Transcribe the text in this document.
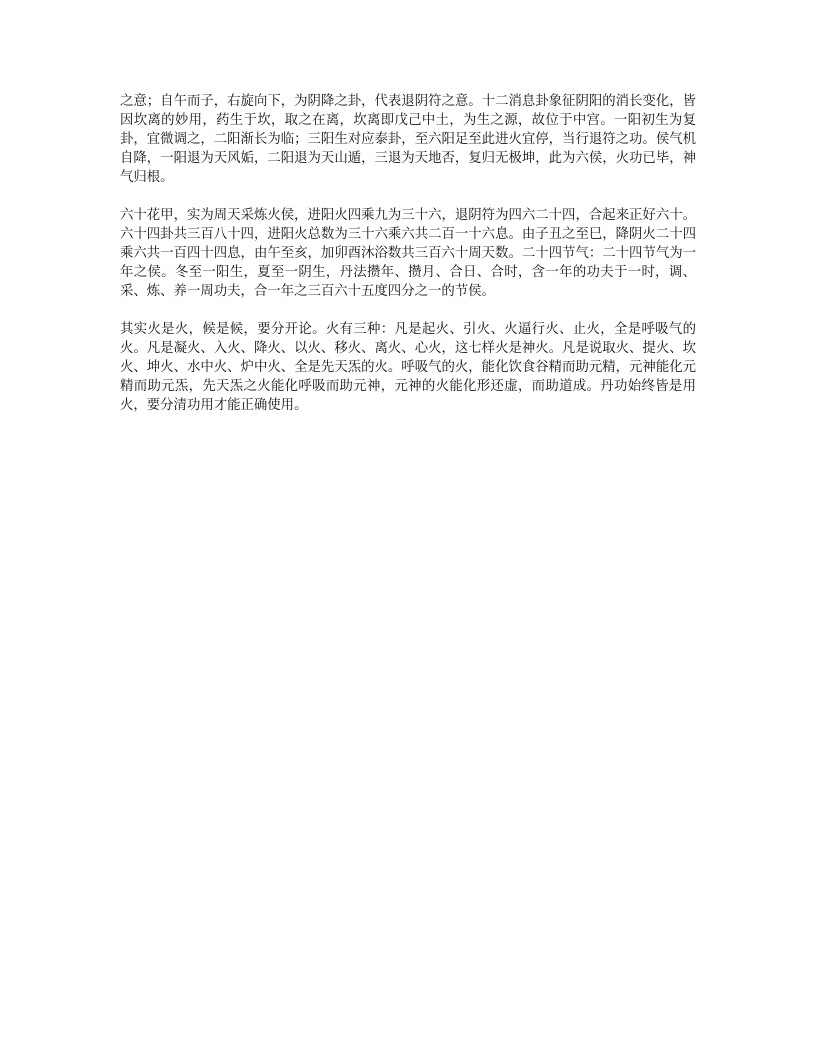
之意；自午而子，右旋向下，为阴降之卦，代表退阴符之意。十二消息卦象征阴阳的消长变化，皆因坎离的妙用，药生于坎，取之在离，坎离即戊己中土，为生之源，故位于中宫。一阳初生为复卦，宜微调之，二阳渐长为临；三阳生对应泰卦，至六阳足至此进火宜停，当行退符之功。侯气机自降，一阳退为天风姤，二阳退为天山遁，三退为天地否，复归无极坤，此为六侯，火功已毕，神气归根。

六十花甲，实为周天采炼火侯，进阳火四乘九为三十六，退阴符为四六二十四，合起来正好六十。六十四卦共三百八十四，进阳火总数为三十六乘六共二百一十六息。由子丑之至巳，降阴火二十四乘六共一百四十四息，由午至亥，加卯酉沐浴数共三百六十周天数。二十四节气：二十四节气为一年之侯。冬至一阳生，夏至一阴生，丹法攒年、攒月、合日、合时，含一年的功夫于一时，调、采、炼、养一周功夫，合一年之三百六十五度四分之一的节侯。

其实火是火，候是候，要分开论。火有三种：凡是起火、引火、火逼行火、止火，全是呼吸气的火。凡是凝火、入火、降火、以火、移火、离火、心火，这七样火是神火。凡是说取火、提火、坎火、坤火、水中火、炉中火、全是先天炁的火。呼吸气的火，能化饮食谷精而助元精，元神能化元精而助元炁，先天炁之火能化呼吸而助元神，元神的火能化形还虚，而助道成。丹功始终皆是用火，要分清功用才能正确使用。
